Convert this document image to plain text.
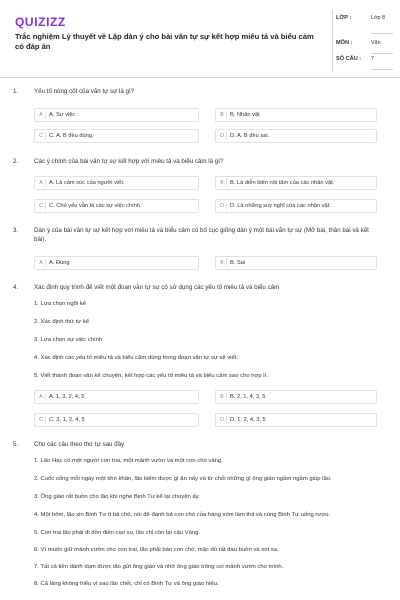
QUIZIZZ
Trắc nghiệm Lý thuyết về Lập dàn ý cho bài văn tự sự kết hợp miêu tả và biểu cảm có đáp án
LỚP :	Lớp 8
MÔN :	Văn
SỐ CÂU :	7
1.	Yếu tố nòng cốt của văn tự sự là gì?
A	A. Sự việc	B	B. Nhân vật
C	C. A, B đều đúng.	D	D. A, B đều sai.
2.	Các ý chính của bài văn tự sự kết hợp với miêu tả và biểu cảm là gì?
A	A. Là cảm xúc của người viết.	B	B. Là diễn biến nội tâm của các nhân vật.
C	C. Chủ yếu vẫn là các sự việc chính.	D	D. Là những suy nghĩ của các nhân vật.
3.	Dàn ý của bài văn tự sự kết hợp với miêu tả và biểu cảm có bố cục giống dàn ý một bài văn tự sự (Mở bài, thân bài và kết bài).
A	A. Đúng	B	B. Sai
4.	Xác định quy trình để viết một đoạn văn tự sự có sử dụng các yếu tố miêu tả và biểu cảm
1. Lựa chọn ngôi kể
2. Xác định thứ tự kể
3. Lựa chọn sự việc chính
4. Xác định các yếu tố miêu tả và biểu cảm dùng trong đoạn văn tự sự sẽ viết.
5. Viết thành đoạn văn kể chuyện, kết hợp các yếu tố miêu tả và biểu cảm sao cho hợp lí.
A	A. 1, 3, 2, 4, 5	B	B. 2, 1, 4, 3, 5
C	C. 3, 1, 2, 4, 5	D	D. 1, 2, 4, 3, 5
5.	Cho các câu theo thứ tự sau đây
1. Lão Hạc có một người con trai, một mảnh vườn và một con chó vàng.
2. Cuốc sống mỗi ngày một khó khăn, lão kiếm được gì ăn nấy và từ chối những gì ông giáo ngầm ngầm giúp lão.
3. Ông giáo rất buồn cho lão khi nghe Binh Tư kể lại chuyện ấy.
4. Một hôm, lão xin Binh Tư ít bả chó, nói để đánh bả con chó của hàng xóm làm thịt và cùng Binh Tư uống rượu.
5. Con trai lão phải đi đồn điền cao su, lão chỉ còn lại cậu Vàng.
6. Vì muốn giữ mảnh vườn cho con trai, lão phải bán con chó, mặc dù rất đau buồn và xót xa.
7. Tất cả tiền dành dụm được lão gửi ông giáo và nhờ ông giáo trông coi mảnh vườn cho mình.
8. Cả làng không hiểu vì sao lão chết, chỉ có Binh Tư và ông giáo hiểu.
